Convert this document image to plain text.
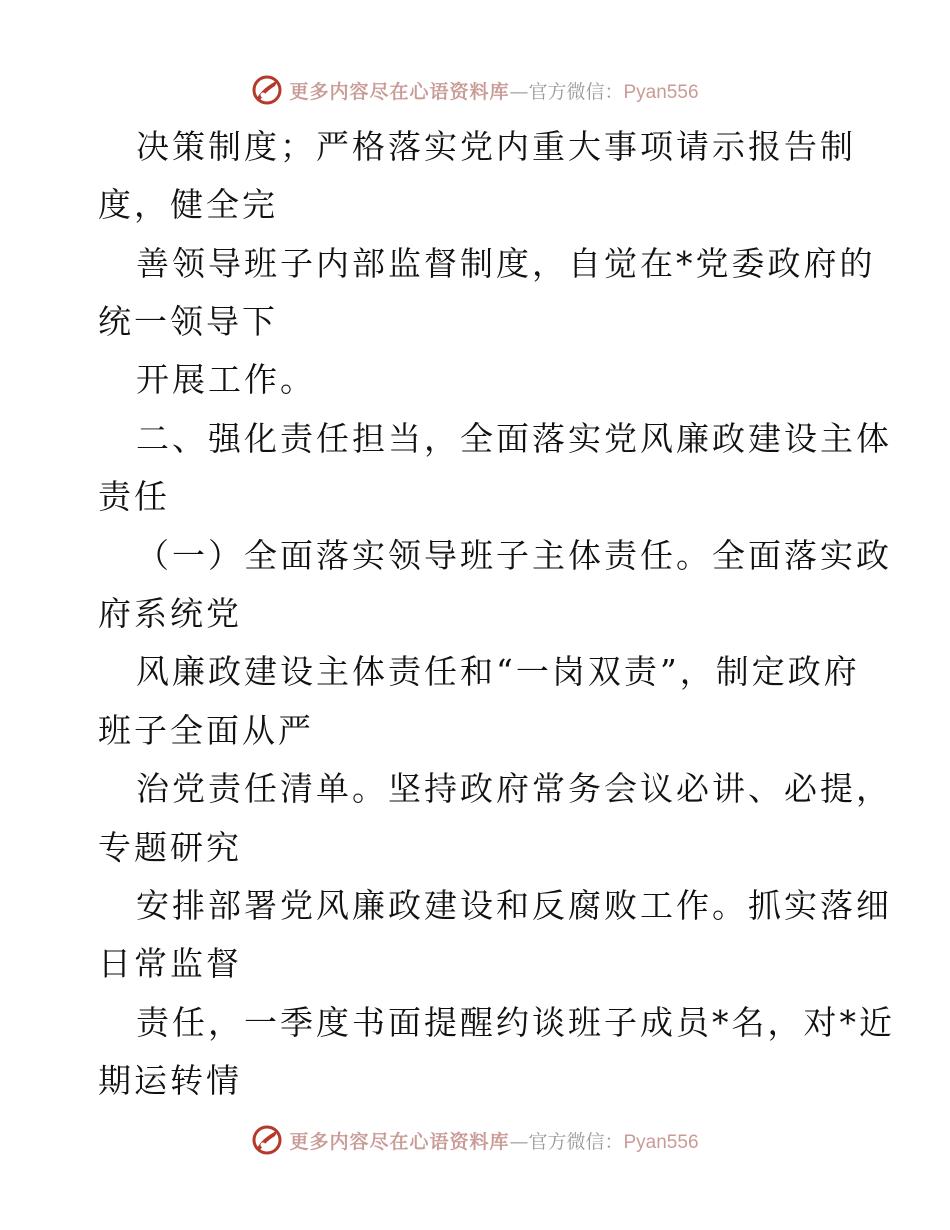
更多内容尽在心语资料库—官方微信：Pyan556
决策制度；严格落实党内重大事项请示报告制
度，健全完
善领导班子内部监督制度，自觉在*党委政府的
统一领导下
开展工作。
二、强化责任担当，全面落实党风廉政建设主体
责任
（一）全面落实领导班子主体责任。全面落实政
府系统党
风廉政建设主体责任和“一岗双责”，制定政府
班子全面从严
治党责任清单。坚持政府常务会议必讲、必提，
专题研究
安排部署党风廉政建设和反腐败工作。抓实落细
日常监督
责任，一季度书面提醒约谈班子成员*名，对*近
期运转情
更多内容尽在心语资料库—官方微信：Pyan556
